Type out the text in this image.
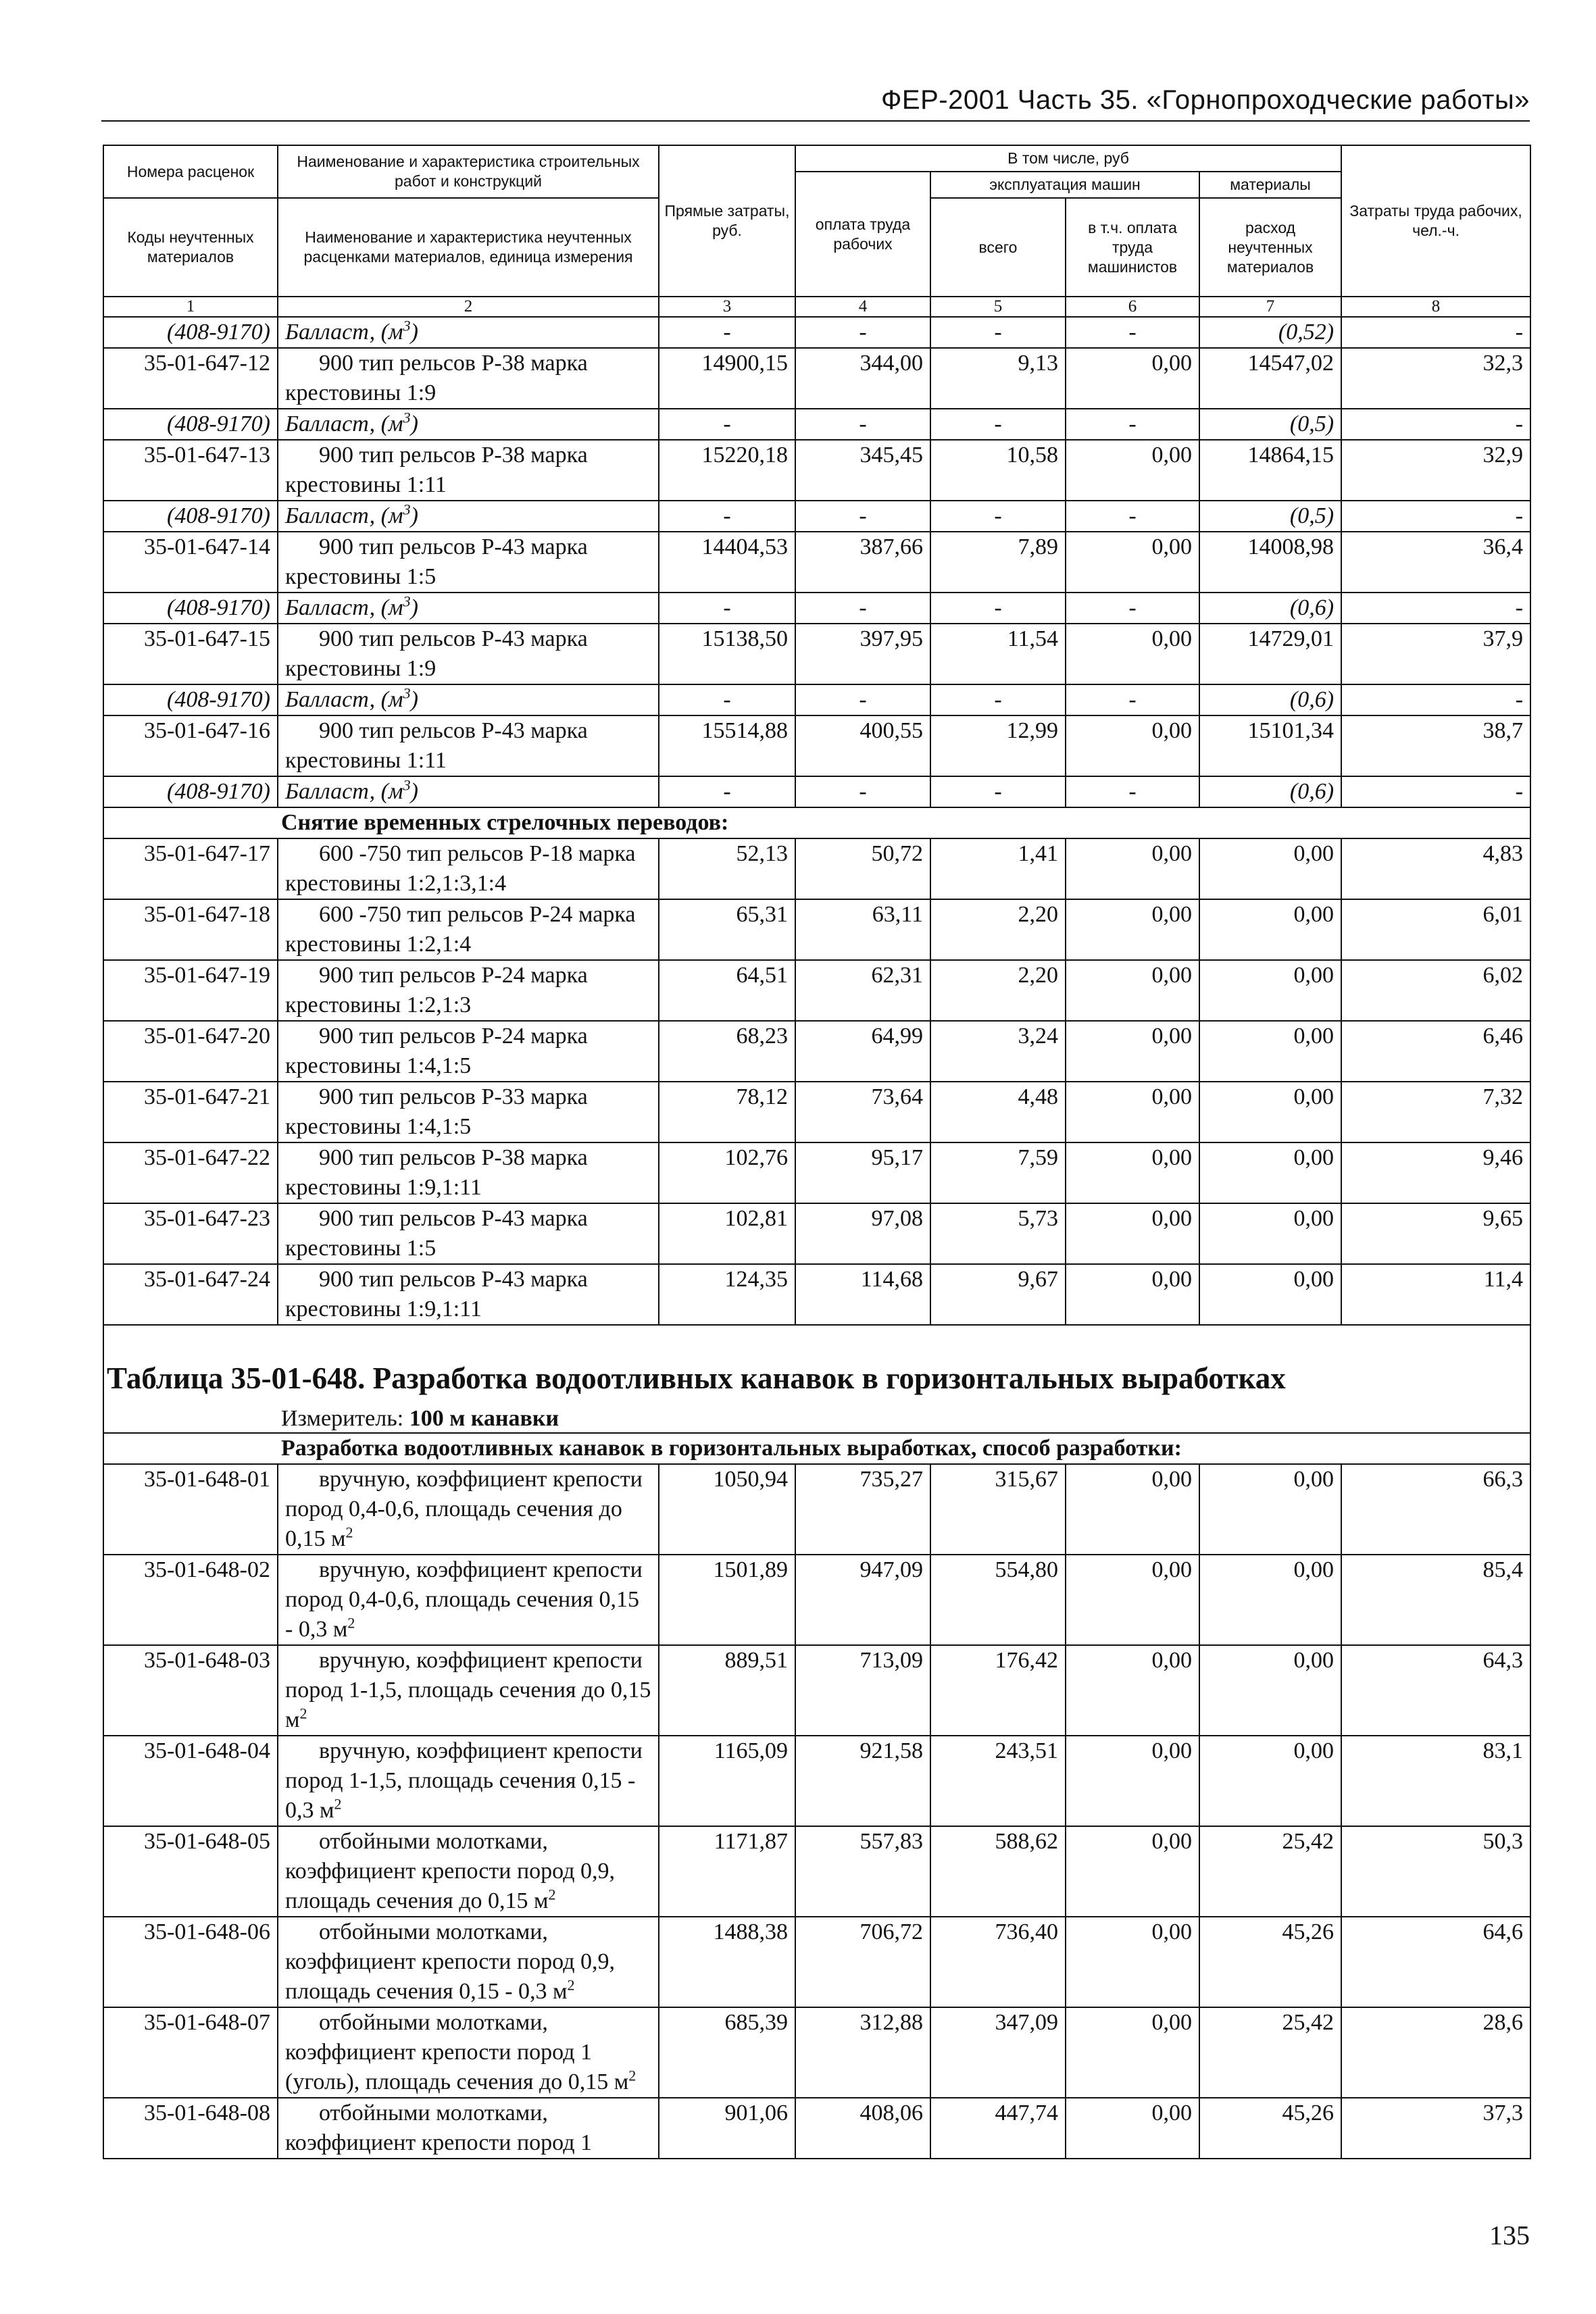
ФЕР-2001 Часть 35. «Горнопроходческие работы»
Номера расценок	Наименование и характеристика строительных работ и конструкций	Прямые затраты, руб.	В том числе, руб				Затраты труда рабочих, чел.-ч.
			оплата труда рабочих	эксплуатация машин		материалы	
Коды неучтенных материалов	Наименование и характеристика неучтенных расценками материалов, единица измерения			всего	в т.ч. оплата труда машинистов	расход неучтенных материалов	

1	2	3	4	5	6	7	8
(408-9170)	Балласт, $(м^3)$	-	-	-	-	(0,52)	-
35-01-647-12	900 тип рельсов Р-38 марка крестовины 1:9	14900,15	344,00	9,13	0,00	14547,02	32,3
(408-9170)	Балласт, $(м^3)$	-	-	-	-	(0,5)	-
35-01-647-13	900 тип рельсов Р-38 марка крестовины 1:11	15220,18	345,45	10,58	0,00	14864,15	32,9
(408-9170)	Балласт, $(м^3)$	-	-	-	-	(0,5)	-
35-01-647-14	900 тип рельсов Р-43 марка крестовины 1:5	14404,53	387,66	7,89	0,00	14008,98	36,4
(408-9170)	Балласт, $(м^3)$	-	-	-	-	(0,6)	-
35-01-647-15	900 тип рельсов Р-43 марка крестовины 1:9	15138,50	397,95	11,54	0,00	14729,01	37,9
(408-9170)	Балласт, $(м^3)$	-	-	-	-	(0,6)	-
35-01-647-16	900 тип рельсов Р-43 марка крестовины 1:11	15514,88	400,55	12,99	0,00	15101,34	38,7
(408-9170)	Балласт, $(м^3)$	-	-	-	-	(0,6)	-
Снятие временных стрелочных переводов:							
35-01-647-17	600 -750 тип рельсов Р-18 марка крестовины 1:2,1:3,1:4	52,13	50,72	1,41	0,00	0,00	4,83
35-01-647-18	600 -750 тип рельсов Р-24 марка крестовины 1:2,1:4	65,31	63,11	2,20	0,00	0,00	6,01
35-01-647-19	900 тип рельсов Р-24 марка крестовины 1:2,1:3	64,51	62,31	2,20	0,00	0,00	6,02
35-01-647-20	900 тип рельсов Р-24 марка крестовины 1:4,1:5	68,23	64,99	3,24	0,00	0,00	6,46
35-01-647-21	900 тип рельсов Р-33 марка крестовины 1:4,1:5	78,12	73,64	4,48	0,00	0,00	7,32
35-01-647-22	900 тип рельсов Р-38 марка крестовины 1:9,1:11	102,76	95,17	7,59	0,00	0,00	9,46
35-01-647-23	900 тип рельсов Р-43 марка крестовины 1:5	102,81	97,08	5,73	0,00	0,00	9,65
35-01-647-24	900 тип рельсов Р-43 марка крестовины 1:9,1:11	124,35	114,68	9,67	0,00	0,00	11,4

Таблица 35-01-648. Разработка водоотливных канавок в горизонтальных выработках							
Измеритель: 100 м канавки							
Разработка водоотливных канавок в горизонтальных выработках, способ разработки:							
35-01-648-01	вручную, коэффициент крепости пород 0,4-0,6, площадь сечения до 0,15 $м^2$	1050,94	735,27	315,67	0,00	0,00	66,3
35-01-648-02	вручную, коэффициент крепости пород 0,4-0,6, площадь сечения 0,15 - 0,3 $м^2$	1501,89	947,09	554,80	0,00	0,00	85,4
35-01-648-03	вручную, коэффициент крепости пород 1-1,5, площадь сечения до 0,15 $м^2$	889,51	713,09	176,42	0,00	0,00	64,3
35-01-648-04	вручную, коэффициент крепости пород 1-1,5, площадь сечения 0,15 - 0,3 $м^2$	1165,09	921,58	243,51	0,00	0,00	83,1
35-01-648-05	отбойными молотками, коэффициент крепости пород 0,9, площадь сечения до 0,15 $м^2$	1171,87	557,83	588,62	0,00	25,42	50,3
35-01-648-06	отбойными молотками, коэффициент крепости пород 0,9, площадь сечения 0,15 - 0,3 $м^2$	1488,38	706,72	736,40	0,00	45,26	64,6
35-01-648-07	отбойными молотками, коэффициент крепости пород 1 (уголь), площадь сечения до 0,15 $м^2$	685,39	312,88	347,09	0,00	25,42	28,6
35-01-648-08	отбойными молотками, коэффициент крепости пород 1	901,06	408,06	447,74	0,00	45,26	37,3
135
